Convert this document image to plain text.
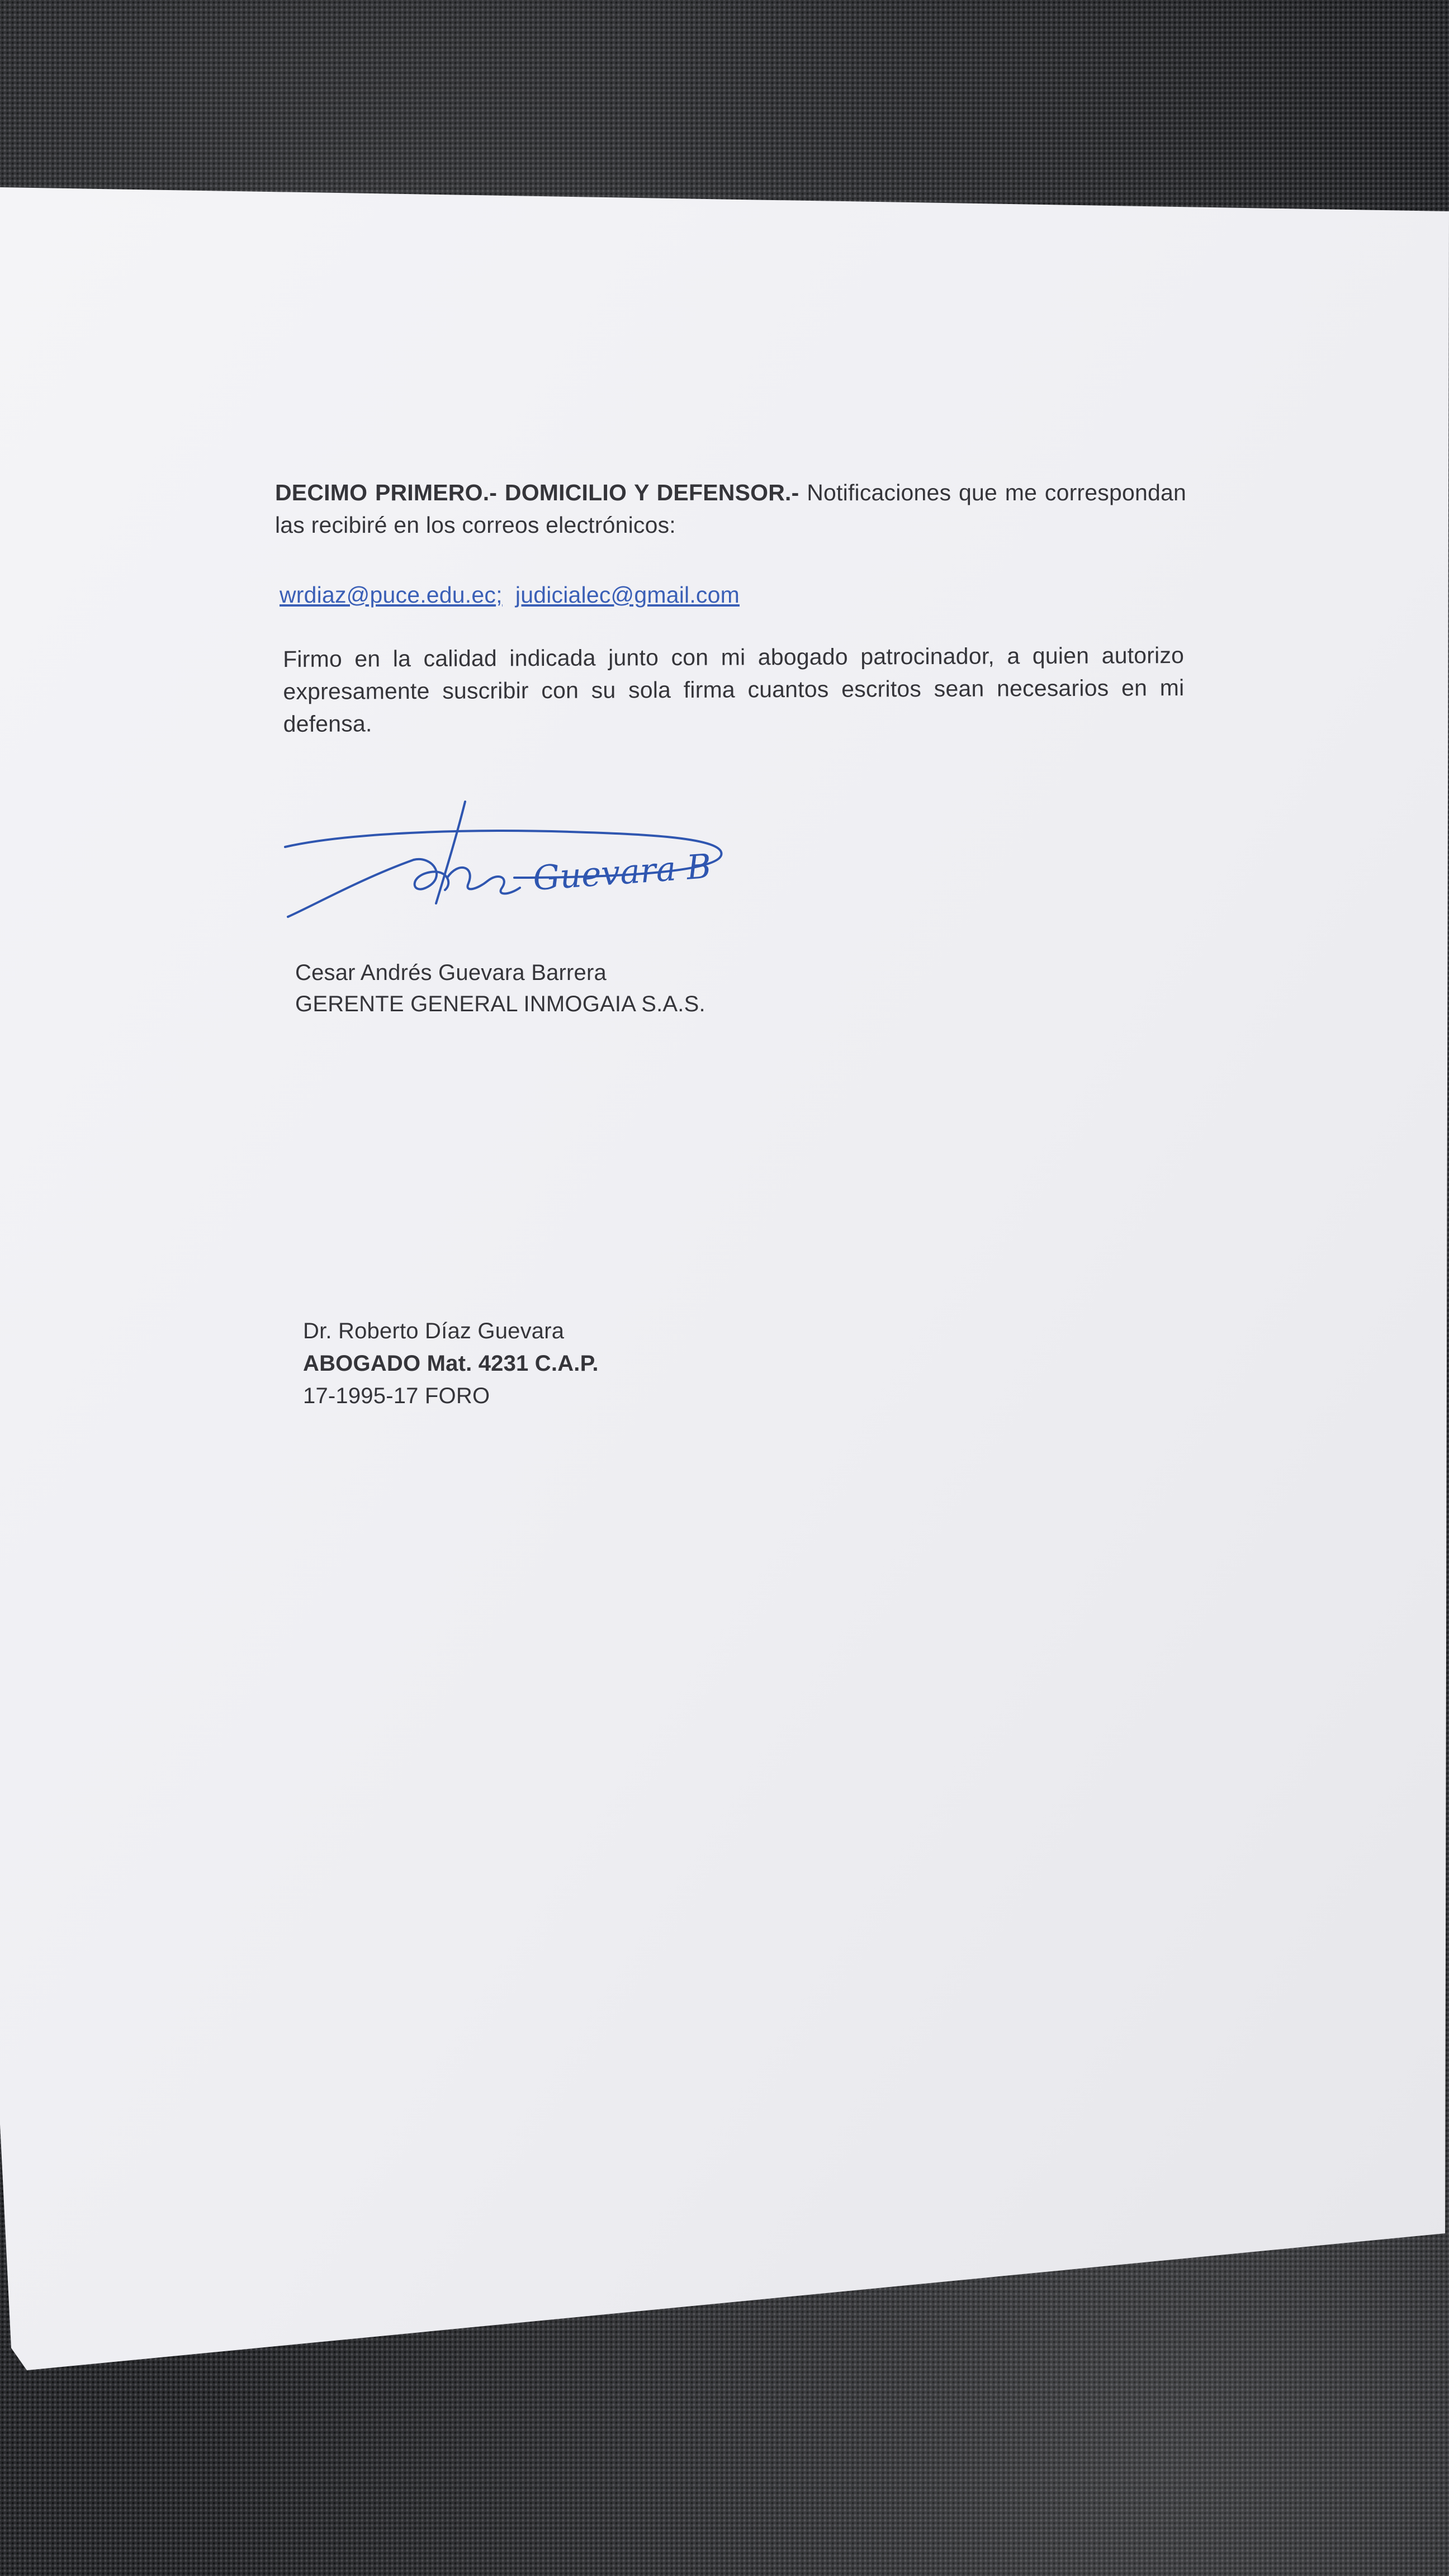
DECIMO PRIMERO.- DOMICILIO Y DEFENSOR.- Notificaciones que me correspondan las recibiré en los correos electrónicos:
wrdiaz@puce.edu.ec; judicialec@gmail.com
Firmo en la calidad indicada junto con mi abogado patrocinador, a quien autorizo expresamente suscribir con su sola firma cuantos escritos sean necesarios en mi defensa.
Guevara B
Cesar Andrés Guevara Barrera
GERENTE GENERAL INMOGAIA S.A.S.
Dr. Roberto Díaz Guevara
ABOGADO Mat. 4231 C.A.P.
17-1995-17 FORO
